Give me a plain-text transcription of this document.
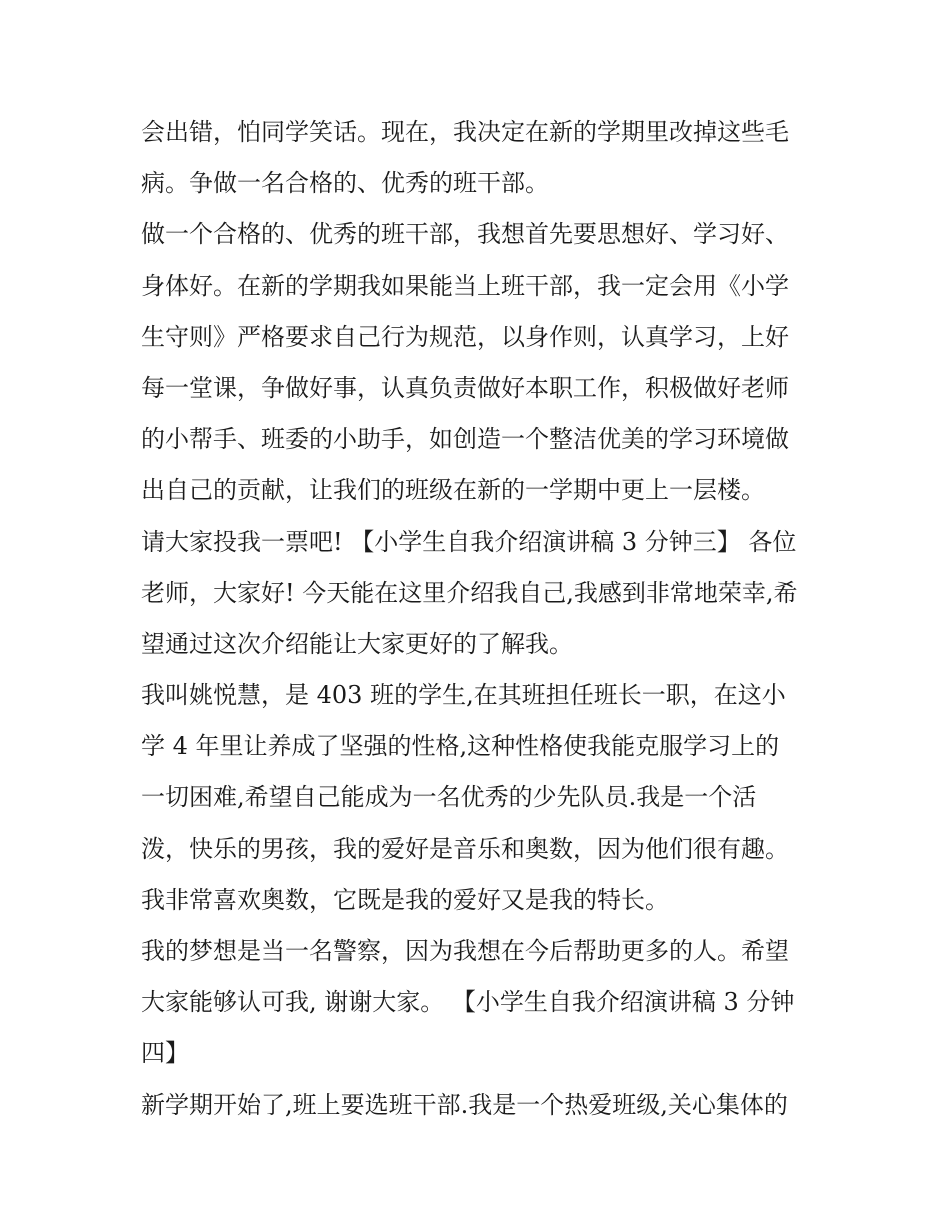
会出错，怕同学笑话。现在，我决定在新的学期里改掉这些毛
病。争做一名合格的、优秀的班干部。
做一个合格的、优秀的班干部，我想首先要思想好、学习好、
身体好。在新的学期我如果能当上班干部，我一定会用《小学
生守则》严格要求自己行为规范，以身作则，认真学习，上好
每一堂课，争做好事，认真负责做好本职工作，积极做好老师
的小帮手、班委的小助手，如创造一个整洁优美的学习环境做
出自己的贡献，让我们的班级在新的一学期中更上一层楼。
请大家投我一票吧! 【小学生自我介绍演讲稿 3 分钟三】 各位
老师，大家好! 今天能在这里介绍我自己,我感到非常地荣幸,希
望通过这次介绍能让大家更好的了解我。
我叫姚悦慧，是 403 班的学生,在其班担任班长一职，在这小
学 4 年里让养成了坚强的性格,这种性格使我能克服学习上的
一切困难,希望自己能成为一名优秀的少先队员.我是一个活
泼，快乐的男孩，我的爱好是音乐和奥数，因为他们很有趣。
我非常喜欢奥数，它既是我的爱好又是我的特长。
我的梦想是当一名警察，因为我想在今后帮助更多的人。希望
大家能够认可我, 谢谢大家。 【小学生自我介绍演讲稿 3 分钟
四】
新学期开始了,班上要选班干部.我是一个热爱班级,关心集体的
